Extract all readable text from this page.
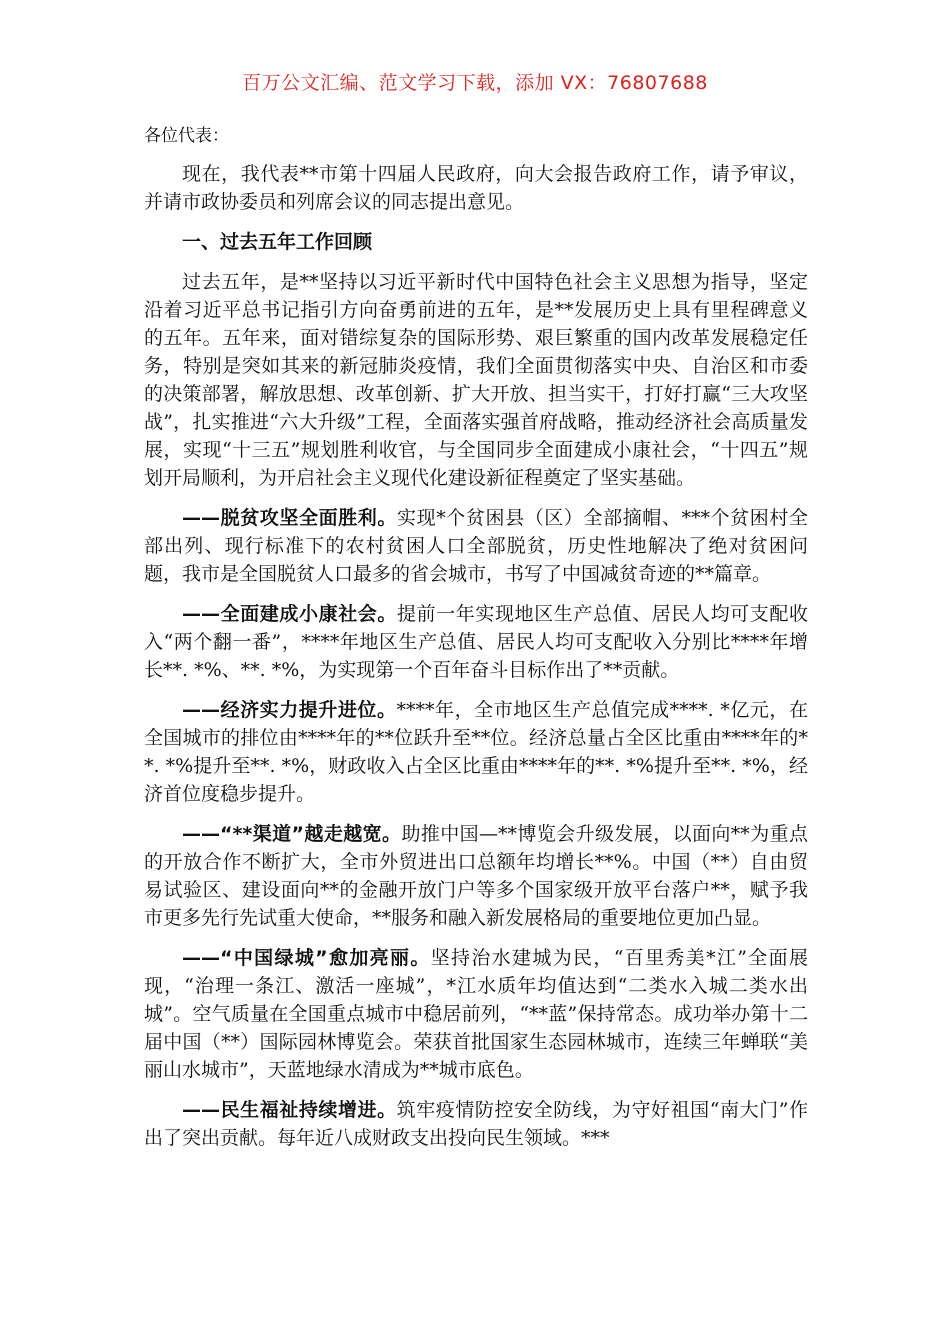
百万公文汇编、范文学习下载，添加 VX：76807688

各位代表：

现在，我代表**市第十四届人民政府，向大会报告政府工作，请予审议，并请市政协委员和列席会议的同志提出意见。

一、过去五年工作回顾

过去五年，是**坚持以习近平新时代中国特色社会主义思想为指导，坚定沿着习近平总书记指引方向奋勇前进的五年，是**发展历史上具有里程碑意义的五年。五年来，面对错综复杂的国际形势、艰巨繁重的国内改革发展稳定任务，特别是突如其来的新冠肺炎疫情，我们全面贯彻落实中央、自治区和市委的决策部署，解放思想、改革创新、扩大开放、担当实干，打好打赢“三大攻坚战”，扎实推进“六大升级”工程，全面落实强首府战略，推动经济社会高质量发展，实现“十三五”规划胜利收官，与全国同步全面建成小康社会，“十四五”规划开局顺利，为开启社会主义现代化建设新征程奠定了坚实基础。

——脱贫攻坚全面胜利。实现*个贫困县（区）全部摘帽、***个贫困村全部出列、现行标准下的农村贫困人口全部脱贫，历史性地解决了绝对贫困问题，我市是全国脱贫人口最多的省会城市，书写了中国减贫奇迹的**篇章。

——全面建成小康社会。提前一年实现地区生产总值、居民人均可支配收入“两个翻一番”，****年地区生产总值、居民人均可支配收入分别比****年增长**. *%、**. *%，为实现第一个百年奋斗目标作出了**贡献。

——经济实力提升进位。****年，全市地区生产总值完成****. *亿元，在全国城市的排位由****年的**位跃升至**位。经济总量占全区比重由****年的**. *%提升至**. *%，财政收入占全区比重由****年的**. *%提升至**. *%，经济首位度稳步提升。

——“**渠道”越走越宽。助推中国—**博览会升级发展，以面向**为重点的开放合作不断扩大，全市外贸进出口总额年均增长**%。中国（**）自由贸易试验区、建设面向**的金融开放门户等多个国家级开放平台落户**，赋予我市更多先行先试重大使命，**服务和融入新发展格局的重要地位更加凸显。

——“中国绿城”愈加亮丽。坚持治水建城为民，“百里秀美*江”全面展现，“治理一条江、激活一座城”，*江水质年均值达到“二类水入城二类水出城”。空气质量在全国重点城市中稳居前列，“**蓝”保持常态。成功举办第十二届中国（**）国际园林博览会。荣获首批国家生态园林城市，连续三年蝉联“美丽山水城市”，天蓝地绿水清成为**城市底色。

——民生福祉持续增进。筑牢疫情防控安全防线，为守好祖国“南大门”作出了突出贡献。每年近八成财政支出投向民生领域。***
